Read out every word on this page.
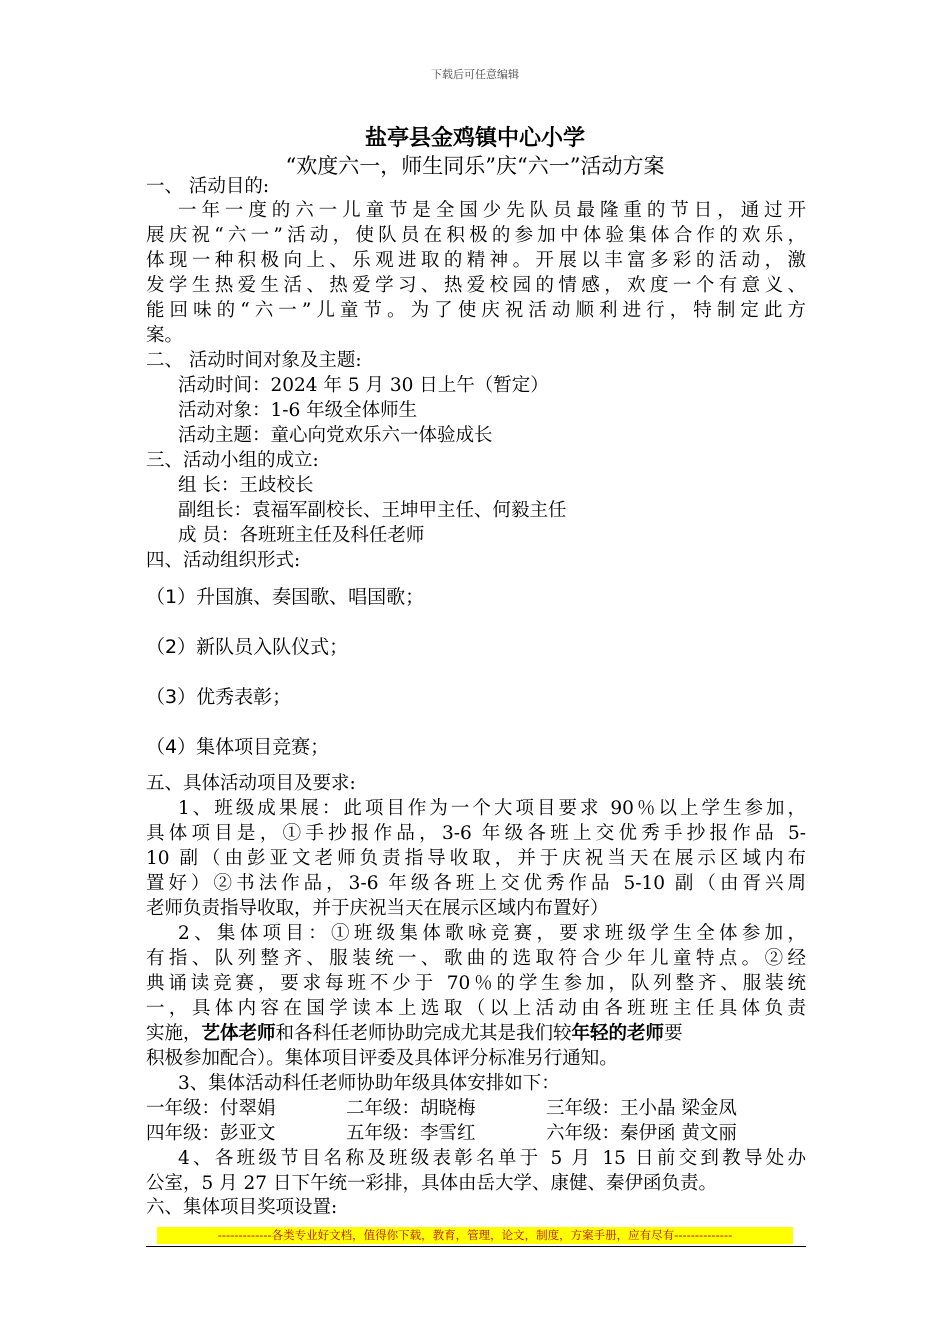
下载后可任意编辑
盐亭县金鸡镇中心小学
“欢度六一，师生同乐”庆“六一”活动方案
一、 活动目的:
一年一度的六一儿童节是全国少先队员最隆重的节日，通过开
展庆祝“六一”活动，使队员在积极的参加中体验集体合作的欢乐，
体现一种积极向上、乐观进取的精神。开展以丰富多彩的活动，激
发学生热爱生活、热爱学习、热爱校园的情感，欢度一个有意义、
能回味的“六一”儿童节。为了使庆祝活动顺利进行，特制定此方
案。
二、 活动时间对象及主题:
活动时间：2024 年 5 月 30 日上午（暂定）
活动对象：1-6 年级全体师生
活动主题：童心向党欢乐六一体验成长
三、活动小组的成立:
组 长：王歧校长
副组长：袁福军副校长、王坤甲主任、何毅主任
成 员：各班班主任及科任老师
四、活动组织形式:
（1）升国旗、奏国歌、唱国歌；
（2）新队员入队仪式；
（3）优秀表彰；
（4）集体项目竞赛；
五、具体活动项目及要求:
1、班级成果展：此项目作为一个大项目要求 90％以上学生参加，
具体项目是，①手抄报作品，3-6 年级各班上交优秀手抄报作品 5-
10 副（由彭亚文老师负责指导收取，并于庆祝当天在展示区域内布
置好）②书法作品，3-6 年级各班上交优秀作品 5-10 副（由胥兴周
老师负责指导收取，并于庆祝当天在展示区域内布置好）
2、集体项目：①班级集体歌咏竞赛，要求班级学生全体参加，
有指、队列整齐、服装统一、歌曲的选取符合少年儿童特点。②经
典诵读竞赛，要求每班不少于 70％的学生参加，队列整齐、服装统
一，具体内容在国学读本上选取（以上活动由各班班主任具体负责
实施，艺体老师和各科任老师协助完成尤其是我们较年轻的老师要
积极参加配合）。集体项目评委及具体评分标准另行通知。
3、集体活动科任老师协助年级具体安排如下：
一年级：付翠娟	二年级：胡晓梅	三年级：王小晶 梁金凤
四年级：彭亚文	五年级：李雪红	六年级：秦伊函 黄文丽
4、各班级节目名称及班级表彰名单于 5 月 15 日前交到教导处办
公室，5 月 27 日下午统一彩排，具体由岳大学、康健、秦伊函负责。
六、集体项目奖项设置:
-------------各类专业好文档，值得你下载，教育，管理，论文，制度，方案手册，应有尽有--------------
